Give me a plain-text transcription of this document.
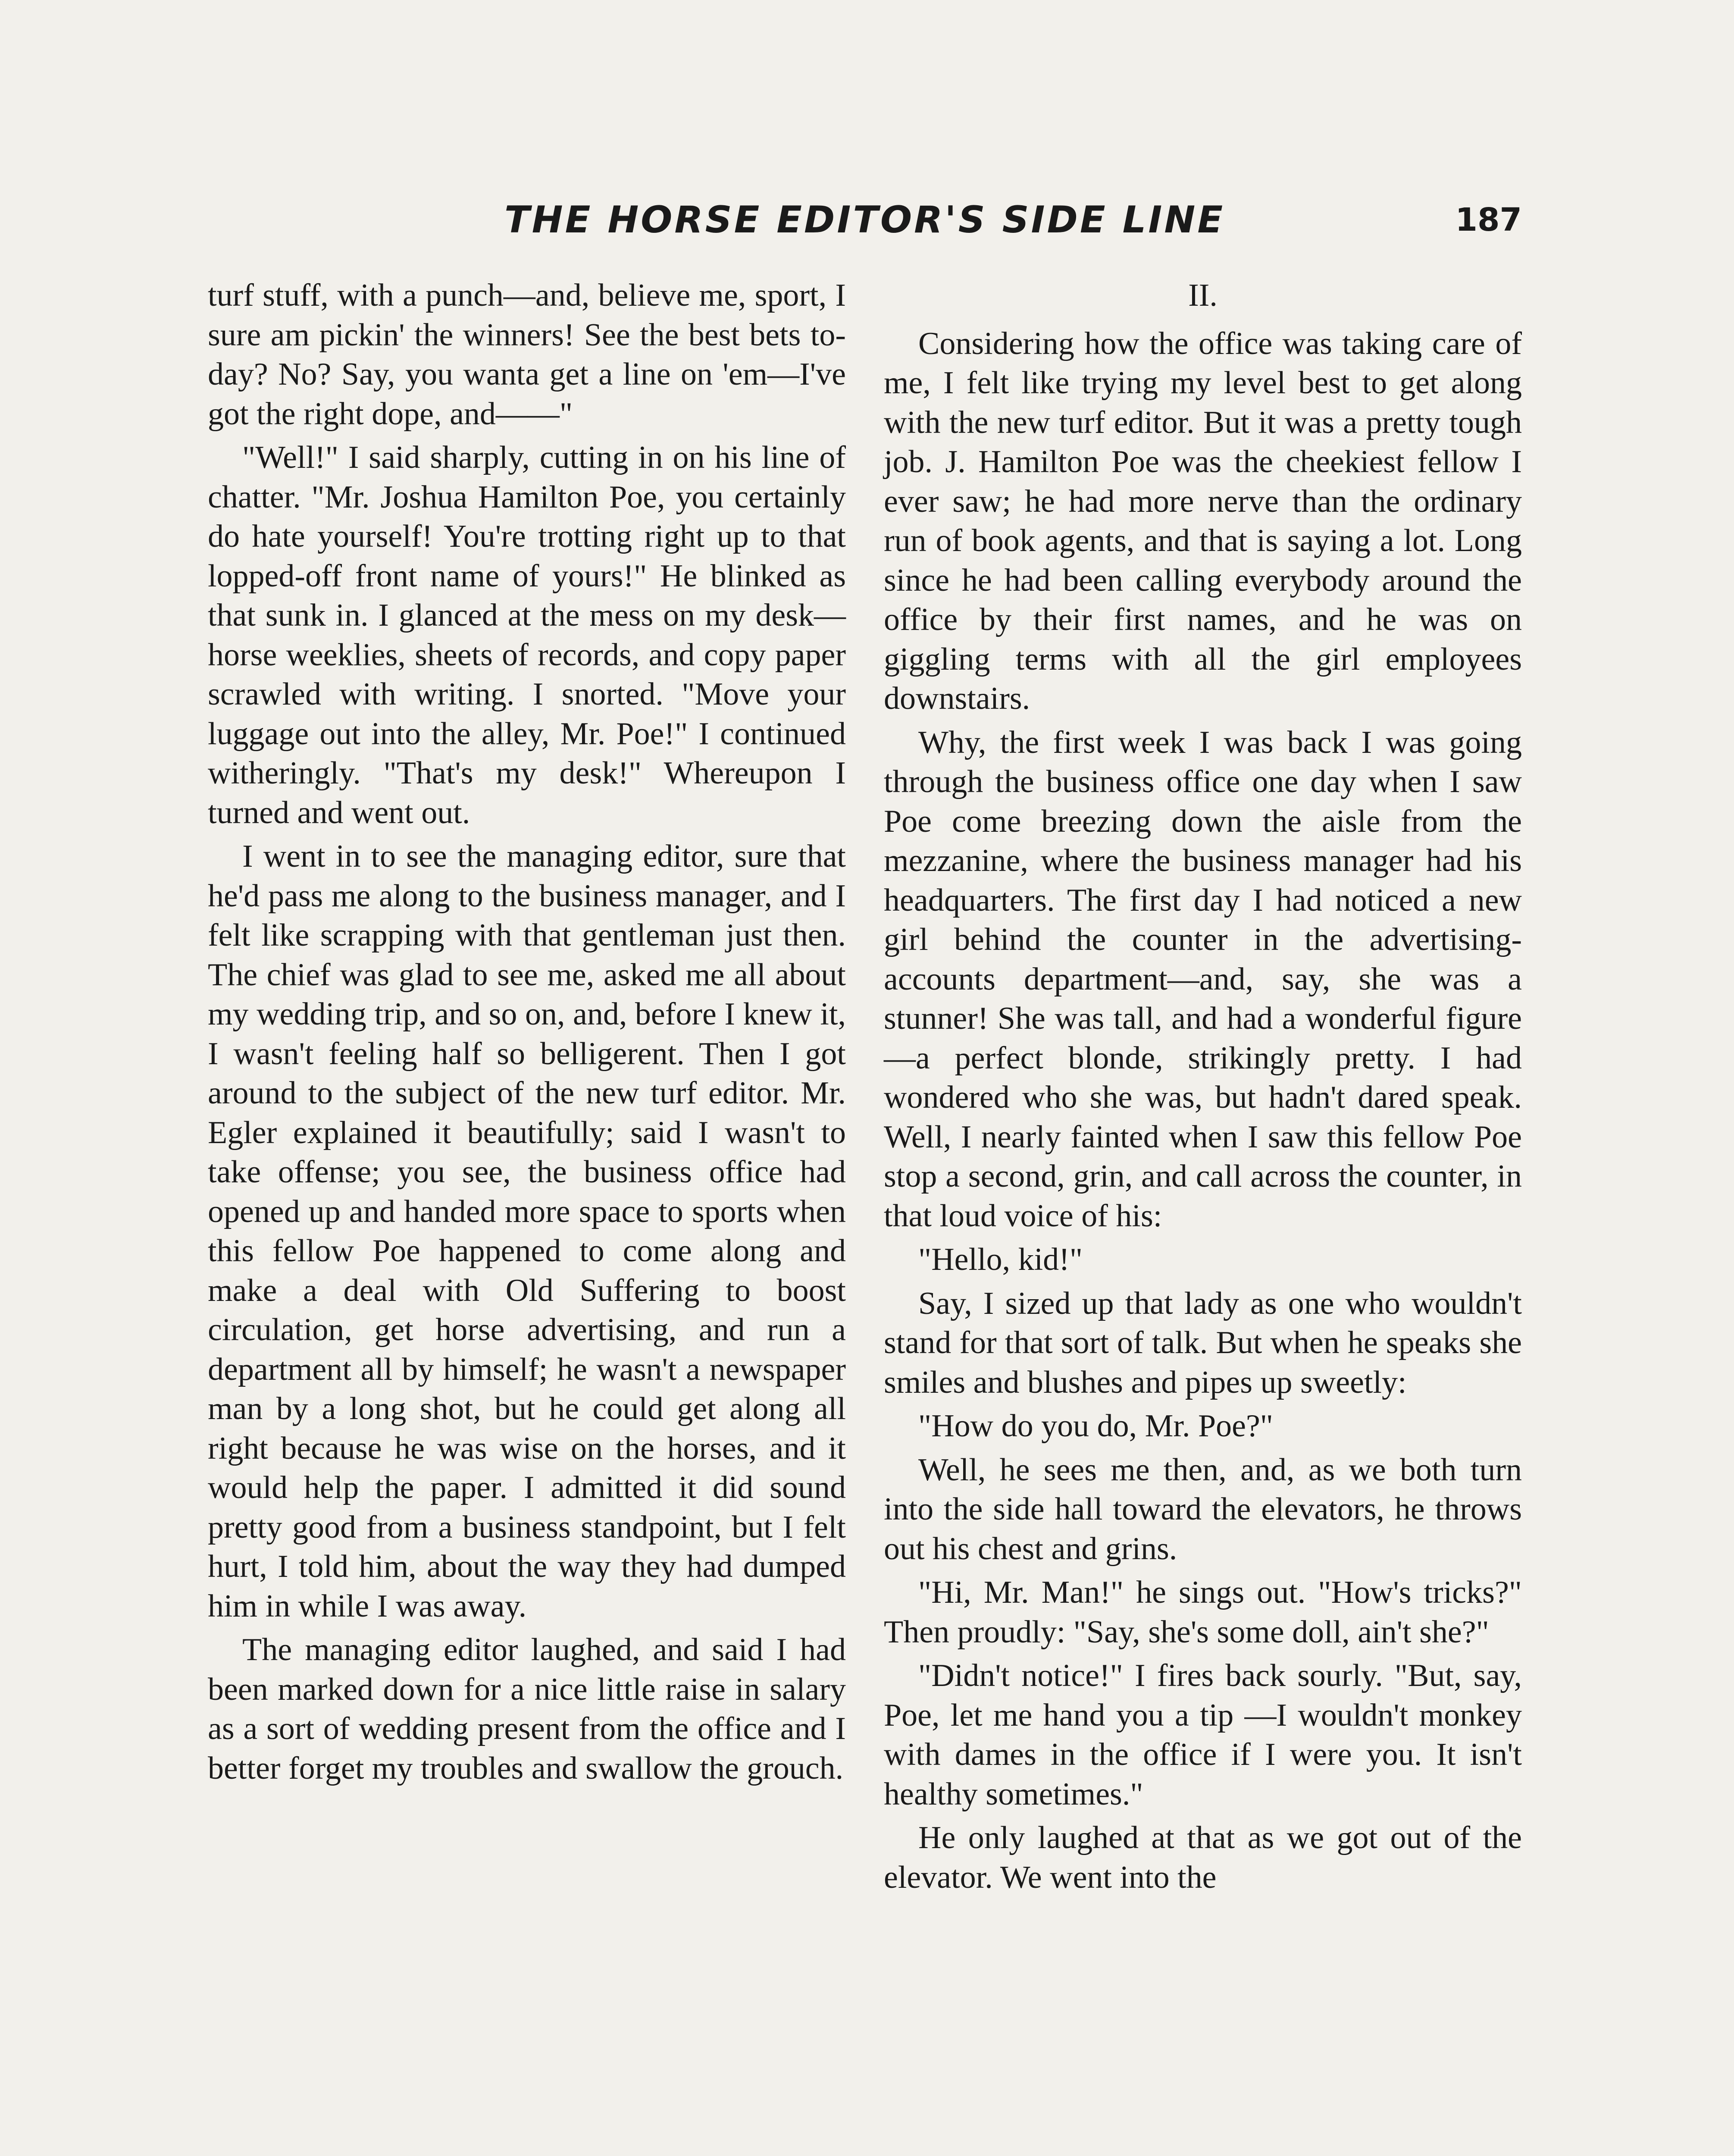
THE HORSE EDITOR'S SIDE LINE	187

turf stuff, with a punch—and, believe me, sport, I sure am pickin' the winners! See the best bets to-day? No? Say, you wanta get a line on 'em—I've got the right dope, and——"

"Well!" I said sharply, cutting in on his line of chatter. "Mr. Joshua Hamilton Poe, you certainly do hate yourself! You're trotting right up to that lopped-off front name of yours!" He blinked as that sunk in. I glanced at the mess on my desk—horse weeklies, sheets of records, and copy paper scrawled with writing. I snorted. "Move your luggage out into the alley, Mr. Poe!" I continued witheringly. "That's my desk!" Whereupon I turned and went out.

I went in to see the managing editor, sure that he'd pass me along to the business manager, and I felt like scrapping with that gentleman just then. The chief was glad to see me, asked me all about my wedding trip, and so on, and, before I knew it, I wasn't feeling half so belligerent. Then I got around to the subject of the new turf editor. Mr. Egler explained it beautifully; said I wasn't to take offense; you see, the business office had opened up and handed more space to sports when this fellow Poe happened to come along and make a deal with Old Suffering to boost circulation, get horse advertising, and run a department all by himself; he wasn't a newspaper man by a long shot, but he could get along all right because he was wise on the horses, and it would help the paper. I admitted it did sound pretty good from a business standpoint, but I felt hurt, I told him, about the way they had dumped him in while I was away.

The managing editor laughed, and said I had been marked down for a nice little raise in salary as a sort of wedding present from the office and I better forget my troubles and swallow the grouch.

II.

Considering how the office was taking care of me, I felt like trying my level best to get along with the new turf editor. But it was a pretty tough job. J. Hamilton Poe was the cheekiest fellow I ever saw; he had more nerve than the ordinary run of book agents, and that is saying a lot. Long since he had been calling everybody around the office by their first names, and he was on giggling terms with all the girl employees downstairs.

Why, the first week I was back I was going through the business office one day when I saw Poe come breezing down the aisle from the mezzanine, where the business manager had his headquarters. The first day I had noticed a new girl behind the counter in the advertising-accounts department—and, say, she was a stunner! She was tall, and had a wonderful figure—a perfect blonde, strikingly pretty. I had wondered who she was, but hadn't dared speak. Well, I nearly fainted when I saw this fellow Poe stop a second, grin, and call across the counter, in that loud voice of his:

"Hello, kid!"

Say, I sized up that lady as one who wouldn't stand for that sort of talk. But when he speaks she smiles and blushes and pipes up sweetly:

"How do you do, Mr. Poe?"

Well, he sees me then, and, as we both turn into the side hall toward the elevators, he throws out his chest and grins.

"Hi, Mr. Man!" he sings out. "How's tricks?" Then proudly: "Say, she's some doll, ain't she?"

"Didn't notice!" I fires back sourly. "But, say, Poe, let me hand you a tip —I wouldn't monkey with dames in the office if I were you. It isn't healthy sometimes."

He only laughed at that as we got out of the elevator. We went into the
